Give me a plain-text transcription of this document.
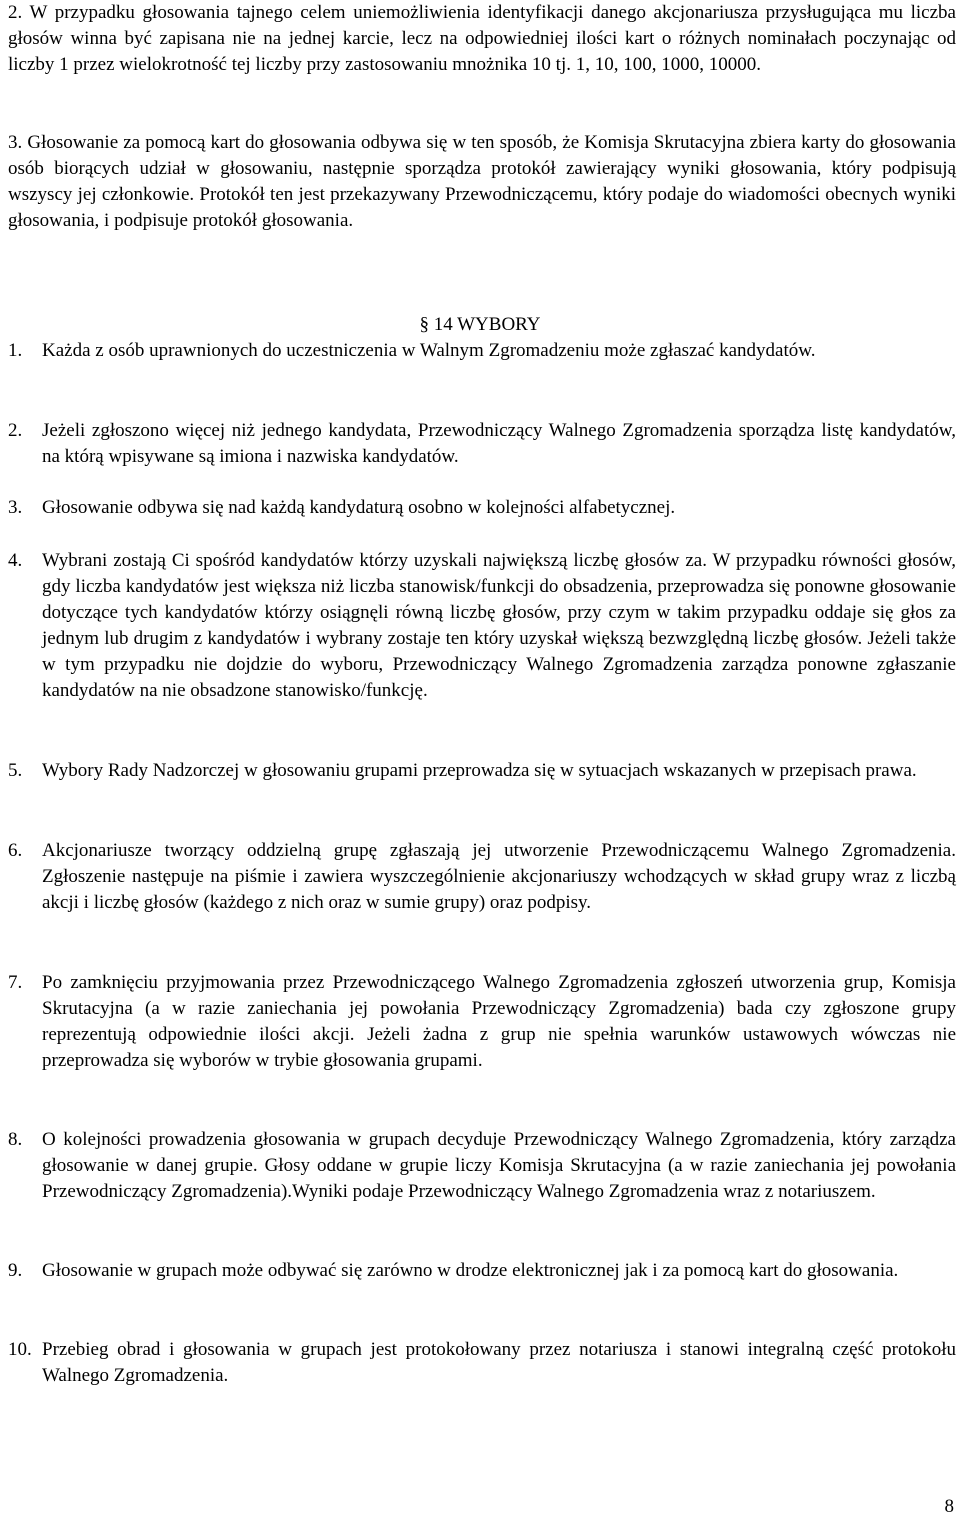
2. W przypadku głosowania tajnego celem uniemożliwienia identyfikacji danego akcjonariusza przysługująca mu liczba głosów winna być zapisana nie na jednej karcie, lecz na odpowiedniej ilości kart o różnych nominałach poczynając od liczby 1 przez wielokrotność tej liczby przy zastosowaniu mnożnika 10 tj. 1, 10, 100, 1000, 10000.

3. Głosowanie za pomocą kart do głosowania odbywa się w ten sposób, że Komisja Skrutacyjna zbiera karty do głosowania osób biorących udział w głosowaniu, następnie sporządza protokół zawierający wyniki głosowania, który podpisują wszyscy jej członkowie. Protokół ten jest przekazywany Przewodniczącemu, który podaje do wiadomości obecnych wyniki głosowania, i podpisuje protokół głosowania.

§ 14 WYBORY

1. Każda z osób uprawnionych do uczestniczenia w Walnym Zgromadzeniu może zgłaszać kandydatów.
2. Jeżeli zgłoszono więcej niż jednego kandydata, Przewodniczący Walnego Zgromadzenia sporządza listę kandydatów, na którą wpisywane są imiona i nazwiska kandydatów.
3. Głosowanie odbywa się nad każdą kandydaturą osobno w kolejności alfabetycznej.
4. Wybrani zostają Ci spośród kandydatów którzy uzyskali największą liczbę głosów za. W przypadku równości głosów, gdy liczba kandydatów jest większa niż liczba stanowisk/funkcji do obsadzenia, przeprowadza się ponowne głosowanie dotyczące tych kandydatów którzy osiągnęli równą liczbę głosów, przy czym w takim przypadku oddaje się głos za jednym lub drugim z kandydatów i wybrany zostaje ten który uzyskał większą bezwzględną liczbę głosów. Jeżeli także w tym przypadku nie dojdzie do wyboru, Przewodniczący Walnego Zgromadzenia zarządza ponowne zgłaszanie kandydatów na nie obsadzone stanowisko/funkcję.
5. Wybory Rady Nadzorczej w głosowaniu grupami przeprowadza się w sytuacjach wskazanych w przepisach prawa.
6. Akcjonariusze tworzący oddzielną grupę zgłaszają jej utworzenie Przewodniczącemu Walnego Zgromadzenia. Zgłoszenie następuje na piśmie i zawiera wyszczególnienie akcjonariuszy wchodzących w skład grupy wraz z liczbą akcji i liczbę głosów (każdego z nich oraz w sumie grupy) oraz podpisy.
7. Po zamknięciu przyjmowania przez Przewodniczącego Walnego Zgromadzenia zgłoszeń utworzenia grup, Komisja Skrutacyjna (a w razie zaniechania jej powołania Przewodniczący Zgromadzenia) bada czy zgłoszone grupy reprezentują odpowiednie ilości akcji. Jeżeli żadna z grup nie spełnia warunków ustawowych wówczas nie przeprowadza się wyborów w trybie głosowania grupami.
8. O kolejności prowadzenia głosowania w grupach decyduje Przewodniczący Walnego Zgromadzenia, który zarządza głosowanie w danej grupie. Głosy oddane w grupie liczy Komisja Skrutacyjna (a w razie zaniechania jej powołania Przewodniczący Zgromadzenia).Wyniki podaje Przewodniczący Walnego Zgromadzenia wraz z notariuszem.
9. Głosowanie w grupach może odbywać się zarówno w drodze elektronicznej jak i za pomocą kart do głosowania.
10. Przebieg obrad i głosowania w grupach jest protokołowany przez notariusza i stanowi integralną część protokołu Walnego Zgromadzenia.

8
